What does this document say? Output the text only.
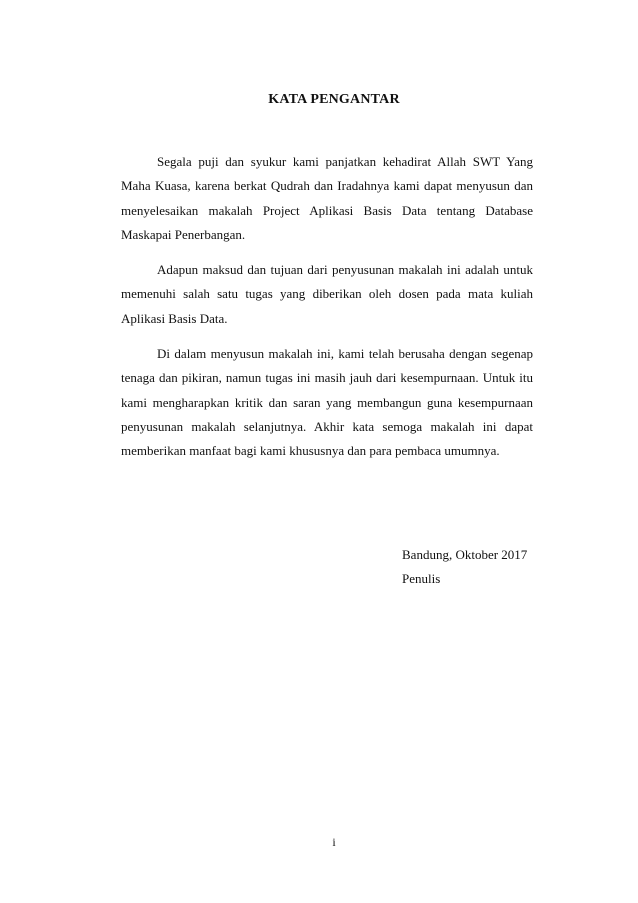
KATA PENGANTAR

Segala puji dan syukur kami panjatkan kehadirat Allah SWT Yang Maha Kuasa, karena berkat Qudrah dan Iradahnya kami dapat menyusun dan menyelesaikan makalah Project Aplikasi Basis Data tentang Database Maskapai Penerbangan.

Adapun maksud dan tujuan dari penyusunan makalah ini adalah untuk memenuhi salah satu tugas yang diberikan oleh dosen pada mata kuliah Aplikasi Basis Data.

Di dalam menyusun makalah ini, kami telah berusaha dengan segenap tenaga dan pikiran, namun tugas ini masih jauh dari kesempurnaan. Untuk itu kami mengharapkan kritik dan saran yang membangun guna kesempurnaan penyusunan makalah selanjutnya. Akhir kata semoga makalah ini dapat memberikan manfaat bagi kami khususnya dan para pembaca umumnya.

Bandung, Oktober 2017
Penulis
i
